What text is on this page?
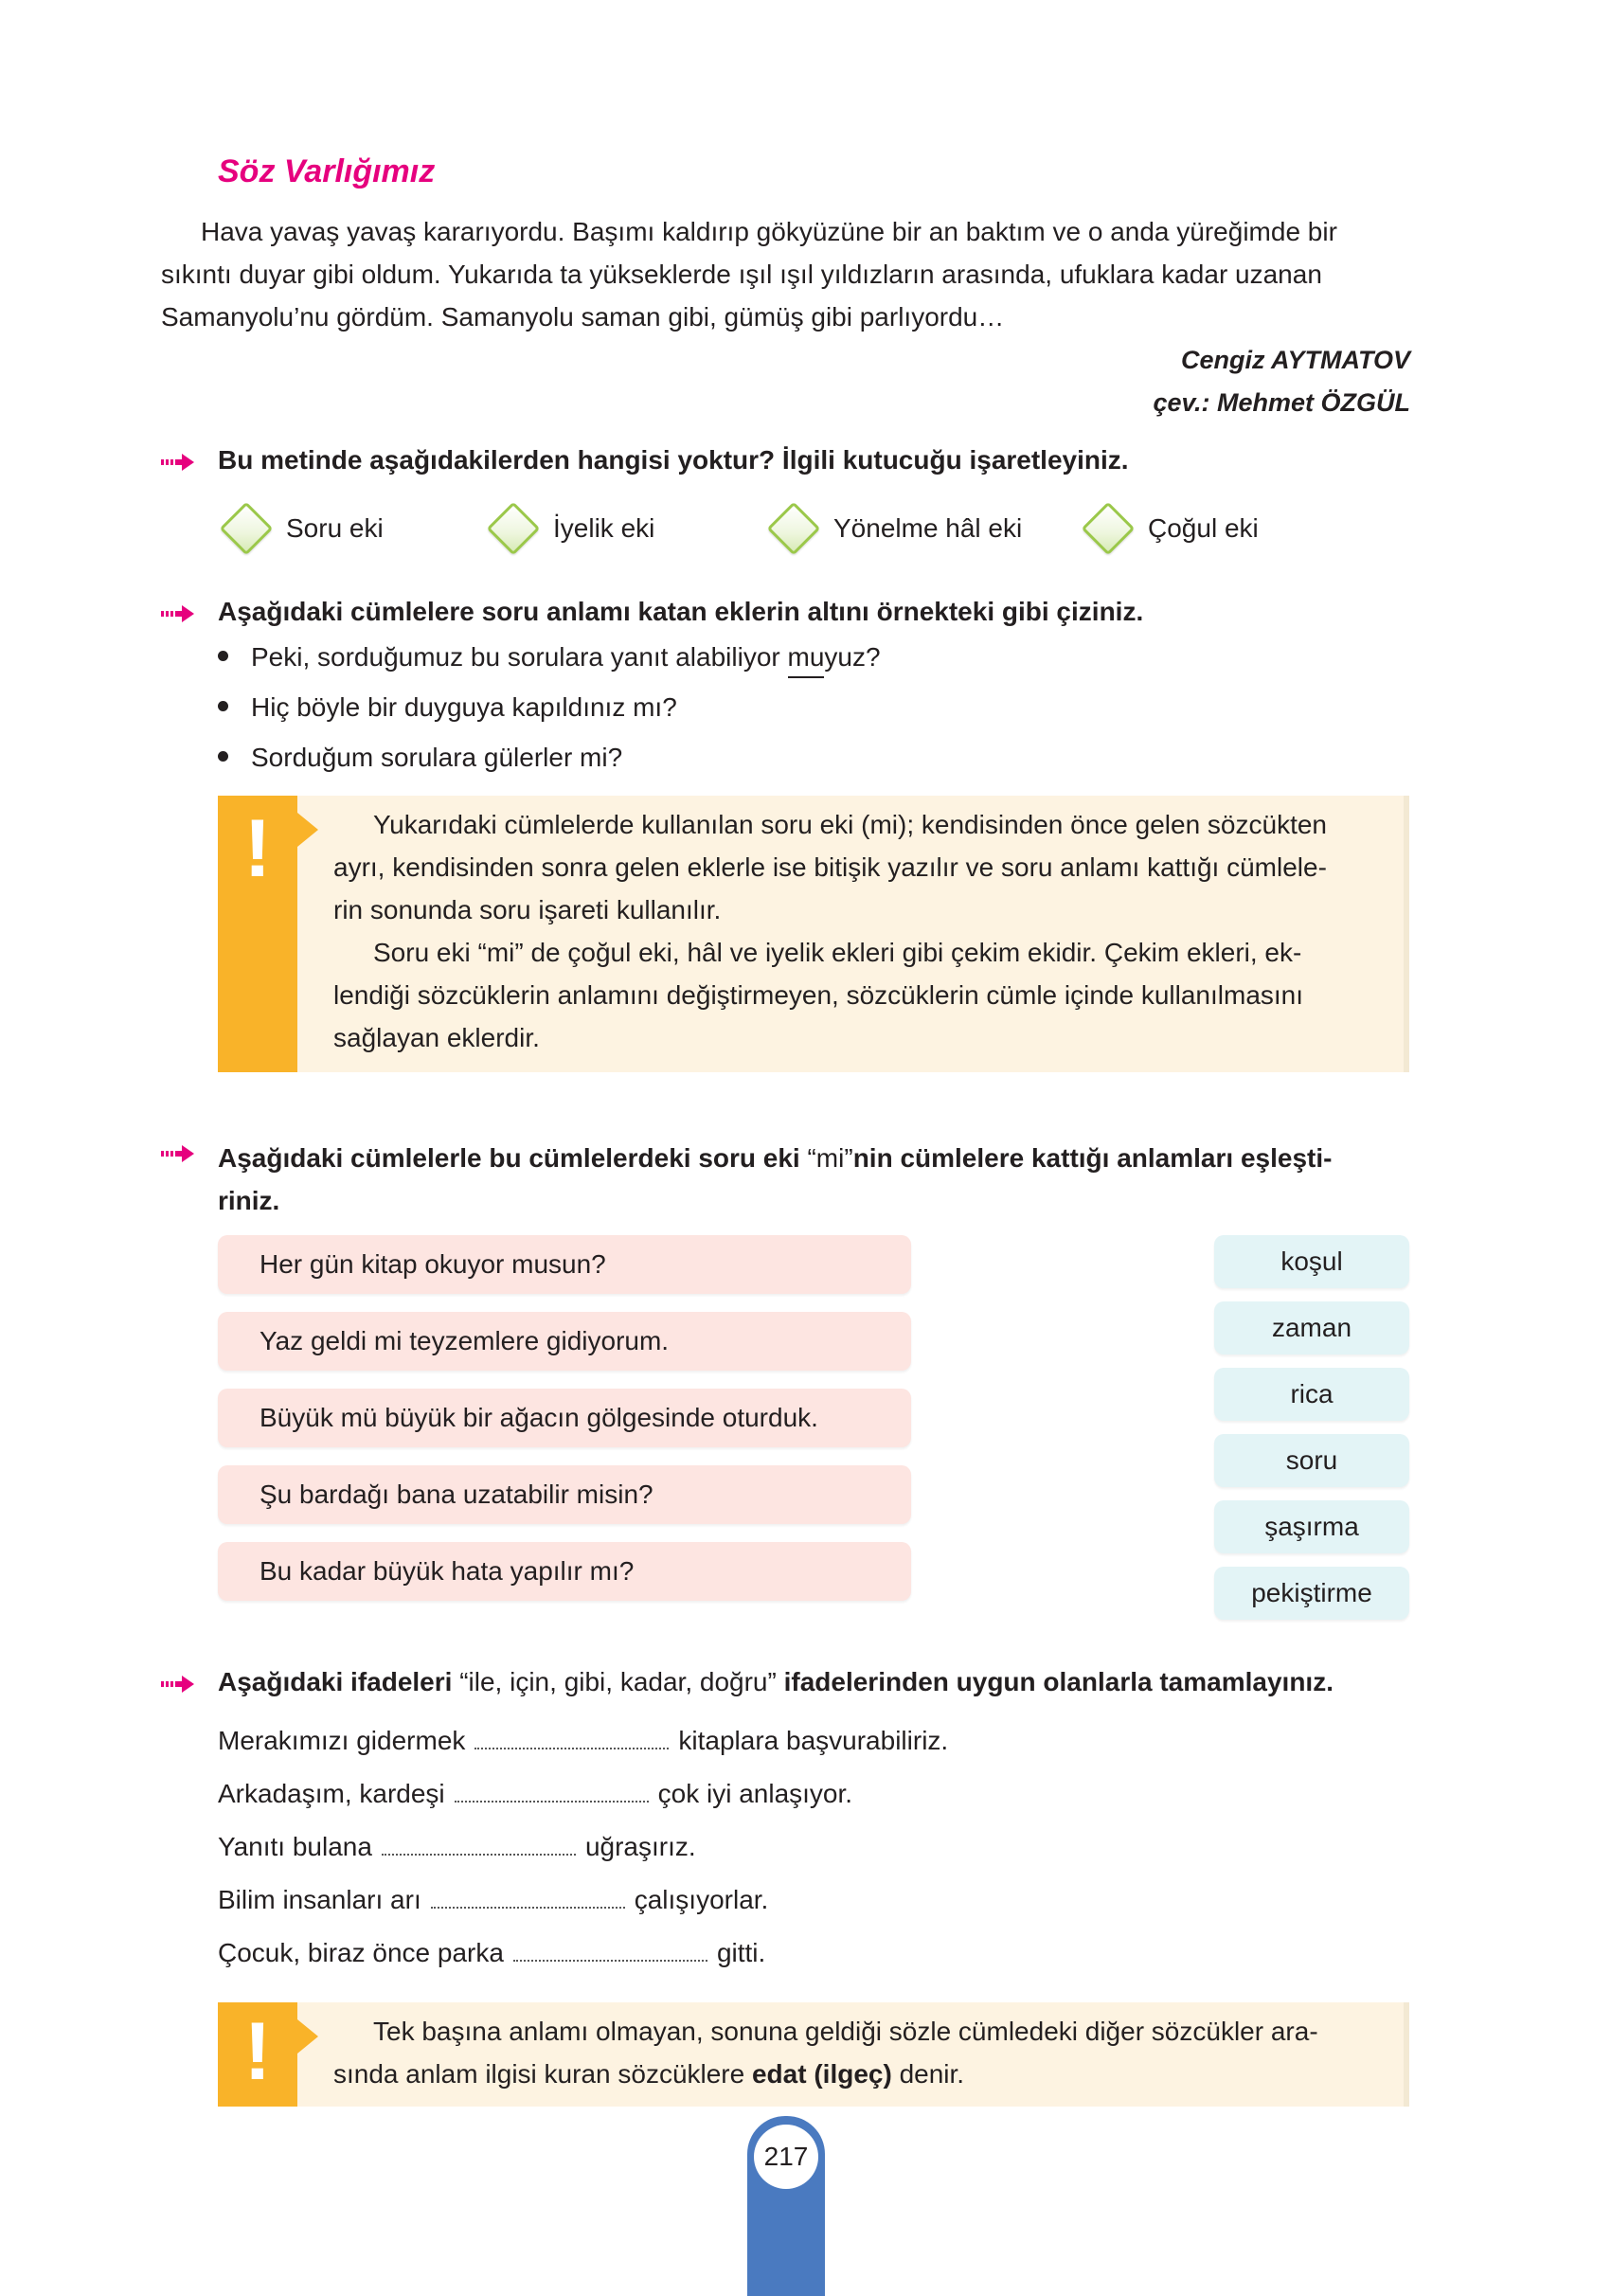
Söz Varlığımız
Hava yavaş yavaş kararıyordu. Başımı kaldırıp gökyüzüne bir an baktım ve o anda yüreğimde bir
sıkıntı duyar gibi oldum. Yukarıda ta yükseklerde ışıl ışıl yıldızların arasında, ufuklara kadar uzanan
Samanyolu’nu gördüm. Samanyolu saman gibi, gümüş gibi parlıyordu…
Cengiz AYTMATOV
çev.: Mehmet ÖZGÜL
Bu metinde aşağıdakilerden hangisi yoktur? İlgili kutucuğu işaretleyiniz.
Soru eki	İyelik eki	Yönelme hâl eki	Çoğul eki
Aşağıdaki cümlelere soru anlamı katan eklerin altını örnekteki gibi çiziniz.
Peki, sorduğumuz bu sorulara yanıt alabiliyor muyuz?
Hiç böyle bir duyguya kapıldınız mı?
Sorduğum sorulara gülerler mi?
!	Yukarıdaki cümlelerde kullanılan soru eki (mi); kendisinden önce gelen sözcükten
ayrı, kendisinden sonra gelen eklerle ise bitişik yazılır ve soru anlamı kattığı cümlele-
rin sonunda soru işareti kullanılır.
Soru eki “mi” de çoğul eki, hâl ve iyelik ekleri gibi çekim ekidir. Çekim ekleri, ek-
lendiği sözcüklerin anlamını değiştirmeyen, sözcüklerin cümle içinde kullanılmasını
sağlayan eklerdir.
Aşağıdaki cümlelerle bu cümlelerdeki soru eki “mi”nin cümlelere kattığı anlamları eşleşti-
riniz.
Her gün kitap okuyor musun?
Yaz geldi mi teyzemlere gidiyorum.
Büyük mü büyük bir ağacın gölgesinde oturduk.
Şu bardağı bana uzatabilir misin?
Bu kadar büyük hata yapılır mı?
koşul
zaman
rica
soru
şaşırma
pekiştirme
Aşağıdaki ifadeleri “ile, için, gibi, kadar, doğru” ifadelerinden uygun olanlarla tamamlayınız.
Merakımızı gidermek	kitaplara başvurabiliriz.
Arkadaşım, kardeşi	çok iyi anlaşıyor.
Yanıtı bulana	uğraşırız.
Bilim insanları arı	çalışıyorlar.
Çocuk, biraz önce parka	gitti.
!	Tek başına anlamı olmayan, sonuna geldiği sözle cümledeki diğer sözcükler ara-
sında anlam ilgisi kuran sözcüklere edat (ilgeç) denir.
217
